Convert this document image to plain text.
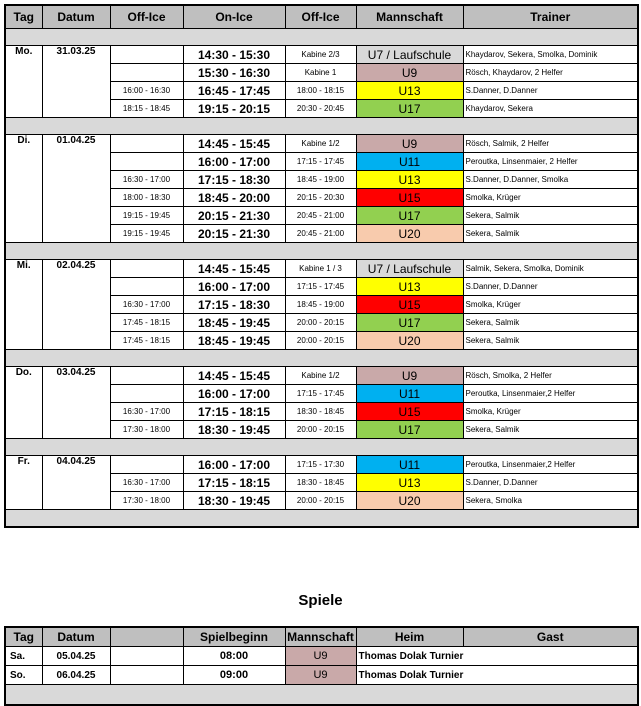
Tag	Datum	Off-Ice	On-Ice	Off-Ice	Mannschaft	Trainer

Mo.	31.03.25		14:30 - 15:30	Kabine 2/3	U7 / Laufschule	Khaydarov, Sekera, Smolka, Dominik
			15:30 - 16:30	Kabine 1	U9	Rösch, Khaydarov, 2 Helfer
		16:00 - 16:30	16:45 - 17:45	18:00 - 18:15	U13	S.Danner, D.Danner
		18:15 - 18:45	19:15 - 20:15	20:30 - 20:45	U17	Khaydarov, Sekera

Di.	01.04.25		14:45 - 15:45	Kabine 1/2	U9	Rösch, Salmik, 2 Helfer
			16:00 - 17:00	17:15 - 17:45	U11	Peroutka, Linsenmaier, 2 Helfer
		16:30 - 17:00	17:15 - 18:30	18:45 - 19:00	U13	S.Danner, D.Danner, Smolka
		18:00 - 18:30	18:45 - 20:00	20:15 - 20:30	U15	Smolka, Krüger
		19:15 - 19:45	20:15 - 21:30	20:45 - 21:00	U17	Sekera, Salmik
		19:15 - 19:45	20:15 - 21:30	20:45 - 21:00	U20	Sekera, Salmik

Mi.	02.04.25		14:45 - 15:45	Kabine 1 / 3	U7 / Laufschule	Salmik, Sekera, Smolka, Dominik
			16:00 - 17:00	17:15 - 17:45	U13	S.Danner, D.Danner
		16:30 - 17:00	17:15 - 18:30	18:45 - 19:00	U15	Smolka, Krüger
		17:45 - 18:15	18:45 - 19:45	20:00 - 20:15	U17	Sekera, Salmik
		17:45 - 18:15	18:45 - 19:45	20:00 - 20:15	U20	Sekera, Salmik

Do.	03.04.25		14:45 - 15:45	Kabine 1/2	U9	Rösch, Smolka, 2 Helfer
			16:00 - 17:00	17:15 - 17:45	U11	Peroutka, Linsenmaier,2 Helfer
		16:30 - 17:00	17:15 - 18:15	18:30 - 18:45	U15	Smolka, Krüger
		17:30 - 18:00	18:30 - 19:45	20:00 - 20:15	U17	Sekera, Salmik

Fr.	04.04.25		16:00 - 17:00	17:15 - 17:30	U11	Peroutka, Linsenmaier,2 Helfer
		16:30 - 17:00	17:15 - 18:15	18:30 - 18:45	U13	S.Danner, D.Danner
		17:30 - 18:00	18:30 - 19:45	20:00 - 20:15	U20	Sekera, Smolka

Spiele
Tag	Datum		Spielbeginn	Mannschaft	Heim	Gast
Sa.	05.04.25		08:00	U9	Thomas Dolak Turnier	
So.	06.04.25		09:00	U9	Thomas Dolak Turnier	
